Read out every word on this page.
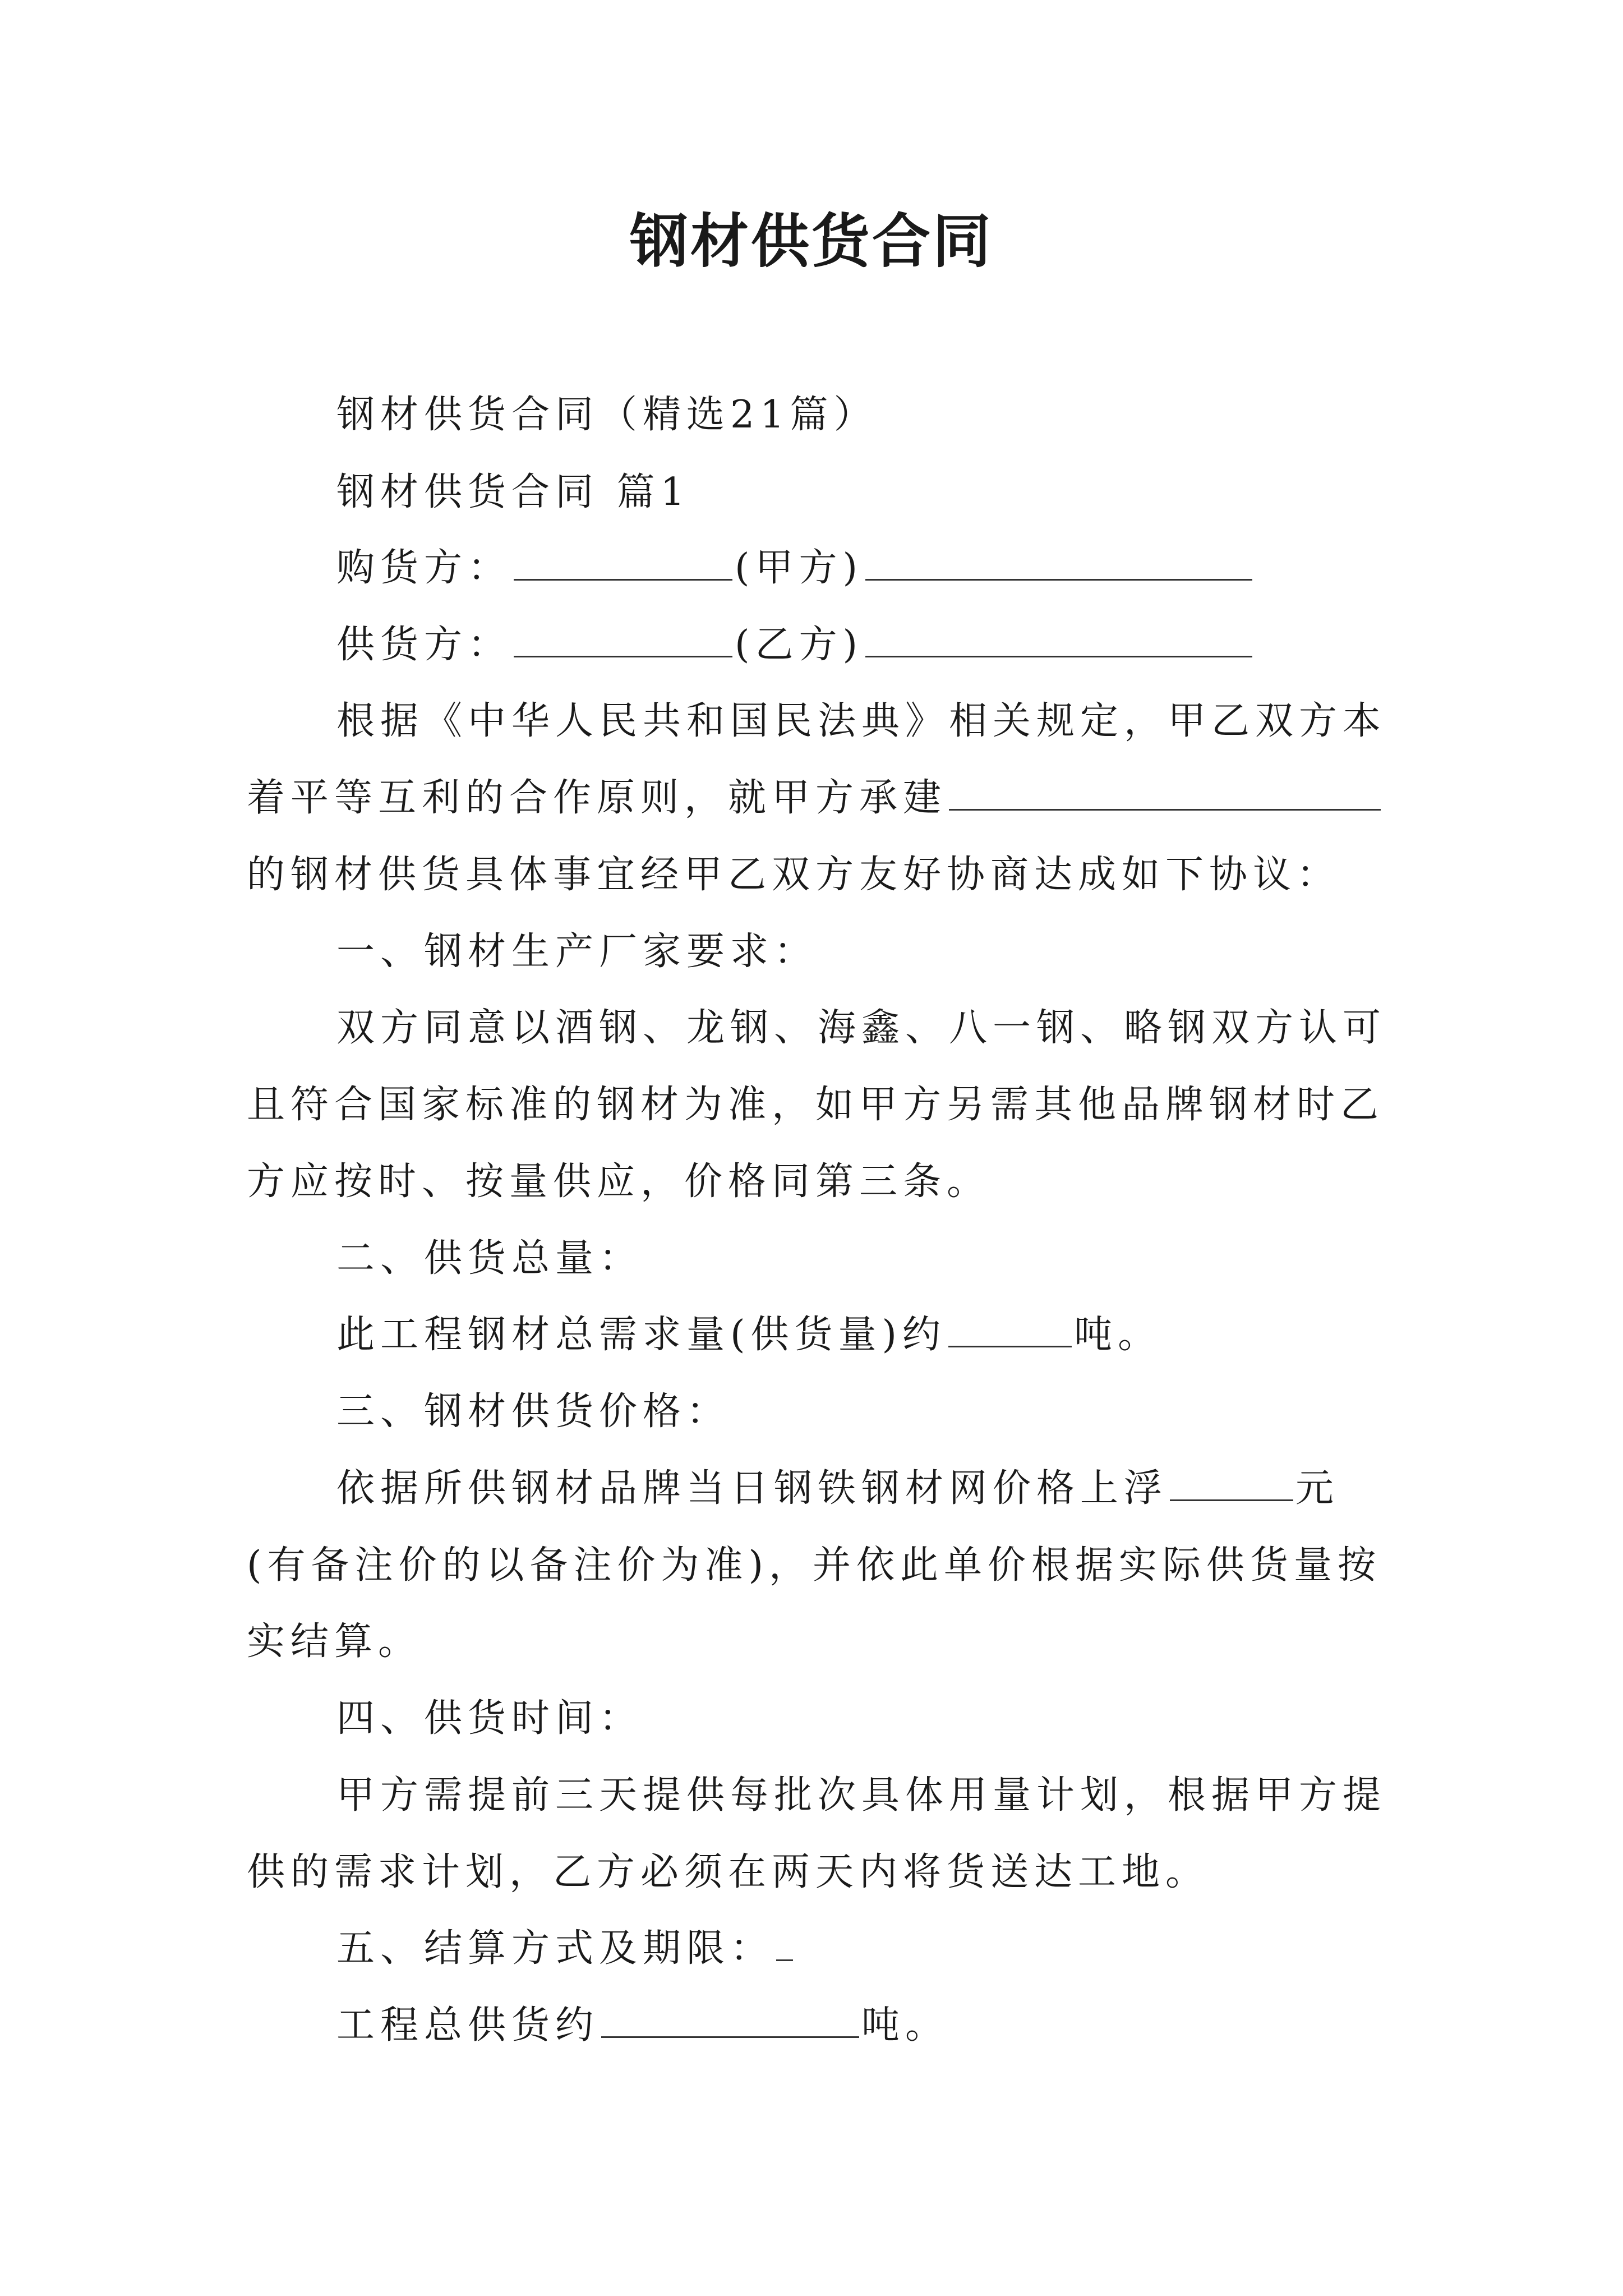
钢材供货合同
钢材供货合同（精选21篇）
钢材供货合同 篇1
购货方：	(甲方)
供货方：	(乙方)
根据《中华人民共和国民法典》相关规定，甲乙双方本
着平等互利的合作原则，就甲方承建
的钢材供货具体事宜经甲乙双方友好协商达成如下协议：
一、钢材生产厂家要求：
双方同意以酒钢、龙钢、海鑫、八一钢、略钢双方认可
且符合国家标准的钢材为准，如甲方另需其他品牌钢材时乙
方应按时、按量供应，价格同第三条。
二、供货总量：
此工程钢材总需求量(供货量)约	吨。
三、钢材供货价格：
依据所供钢材品牌当日钢铁钢材网价格上浮	元
(有备注价的以备注价为准)，并依此单价根据实际供货量按
实结算。
四、供货时间：
甲方需提前三天提供每批次具体用量计划，根据甲方提
供的需求计划，乙方必须在两天内将货送达工地。
五、结算方式及期限：
工程总供货约	吨。
